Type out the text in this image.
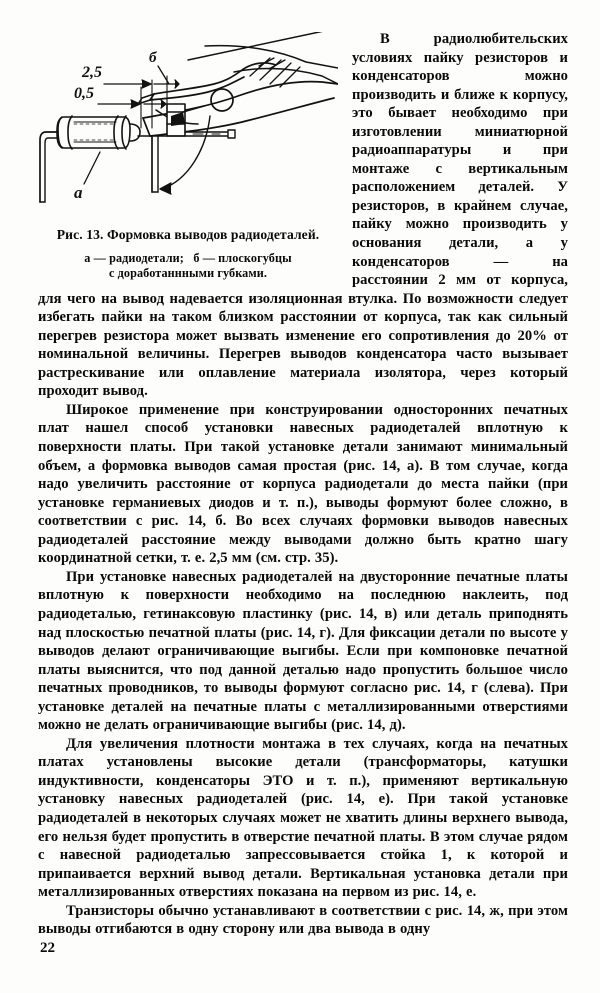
2,5
0,5
а
б
Рис. 13. Формовка выводов радиодеталей.
а — радиодетали; б — плоскогубцы
с доработаннными губками.

В радиолюбительских условиях пайку резисторов и конденсаторов можно производить и ближе к корпусу, это бывает необходимо при изготовлении миниатюрной радиоаппаратуры и при монтаже с вертикальным расположением деталей. У резисторов, в крайнем случае, пайку можно производить у основания детали, а у конденсаторов — на расстоянии 2 мм от корпуса, для чего на вывод надевается изоляционная втулка. По возможности следует избегать пайки на таком близком расстоянии от корпуса, так как сильный перегрев резистора может вызвать изменение его сопротивления до 20% от номинальной величины. Перегрев выводов конденсатора часто вызывает растрескивание или оплавление материала изолятора, через который проходит вывод.

Широкое применение при конструировании односторонних печатных плат нашел способ установки навесных радиодеталей вплотную к поверхности платы. При такой установке детали занимают минимальный объем, а формовка выводов самая простая (рис. 14, а). В том случае, когда надо увеличить расстояние от корпуса радиодетали до места пайки (при установке германиевых диодов и т. п.), выводы формуют более сложно, в соответствии с рис. 14, б. Во всех случаях формовки выводов навесных радиодеталей расстояние между выводами должно быть кратно шагу координатной сетки, т. е. 2,5 мм (см. стр. 35).

При установке навесных радиодеталей на двусторонние печатные платы вплотную к поверхности необходимо на последнюю наклеить, под радиодеталью, гетинаксовую пластинку (рис. 14, в) или деталь приподнять над плоскостью печатной платы (рис. 14, г). Для фиксации детали по высоте у выводов делают ограничивающие выгибы. Если при компоновке печатной платы выяснится, что под данной деталью надо пропустить большое число печатных проводников, то выводы формуют согласно рис. 14, г (слева). При установке деталей на печатные платы с металлизированными отверстиями можно не делать ограничивающие выгибы (рис. 14, д).

Для увеличения плотности монтажа в тех случаях, когда на печатных платах установлены высокие детали (трансформаторы, катушки индуктивности, конденсаторы ЭТО и т. п.), применяют вертикальную установку навесных радиодеталей (рис. 14, е). При такой установке радиодеталей в некоторых случаях может не хватить длины верхнего вывода, его нельзя будет пропустить в отверстие печатной платы. В этом случае рядом с навесной радиодеталью запрессовывается стойка 1, к которой и припаивается верхний вывод детали. Вертикальная установка детали при металлизированных отверстиях показана на первом из рис. 14, е.

Транзисторы обычно устанавливают в соответствии с рис. 14, ж, при этом выводы отгибаются в одну сторону или два вывода в одну

22
